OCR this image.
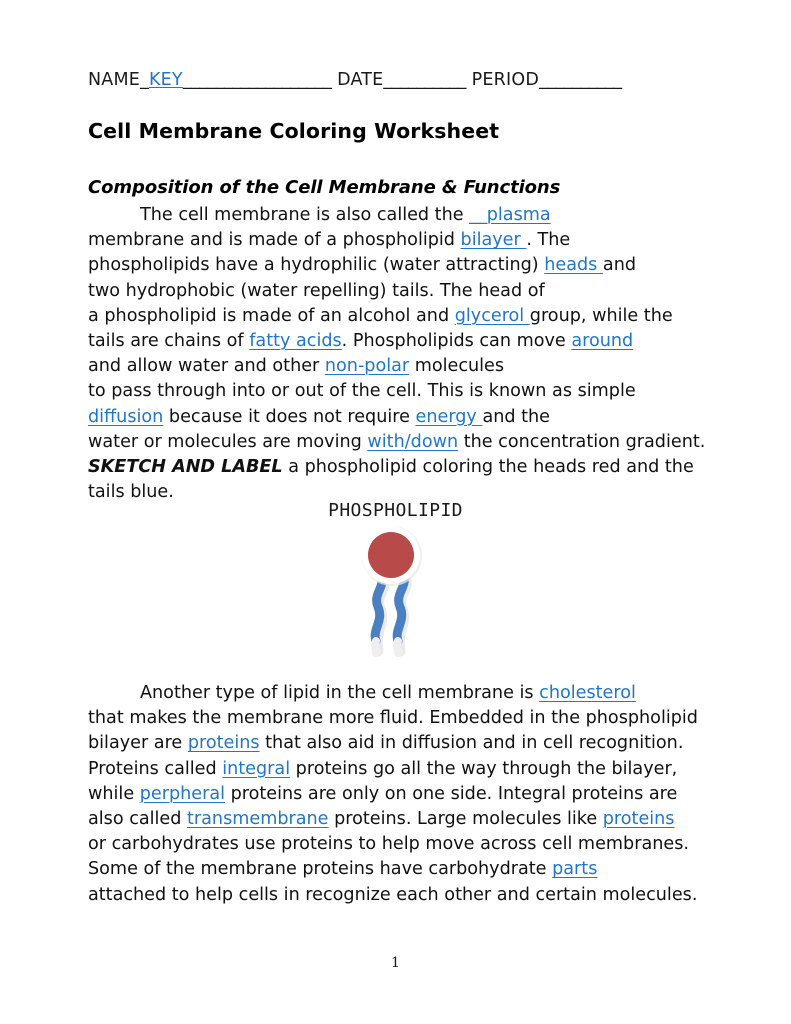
NAME_KEY__________________ DATE__________ PERIOD__________
Cell Membrane Coloring Worksheet
Composition of the Cell Membrane & Functions
The cell membrane is also called the __plasma
membrane and is made of a phospholipid bilayer . The
phospholipids have a hydrophilic (water attracting) heads and
two hydrophobic (water repelling) tails. The head of
a phospholipid is made of an alcohol and glycerol group, while the
tails are chains of fatty acids. Phospholipids can move around
and allow water and other non-polar molecules
to pass through into or out of the cell. This is known as simple
diffusion because it does not require energy and the
water or molecules are moving with/down the concentration gradient.
SKETCH AND LABEL a phospholipid coloring the heads red and the
tails blue.
PHOSPHOLIPID
Another type of lipid in the cell membrane is cholesterol
that makes the membrane more fluid. Embedded in the phospholipid
bilayer are proteins that also aid in diffusion and in cell recognition.
Proteins called integral proteins go all the way through the bilayer,
while perpheral proteins are only on one side. Integral proteins are
also called transmembrane proteins. Large molecules like proteins
or carbohydrates use proteins to help move across cell membranes.
Some of the membrane proteins have carbohydrate parts
attached to help cells in recognize each other and certain molecules.
1
